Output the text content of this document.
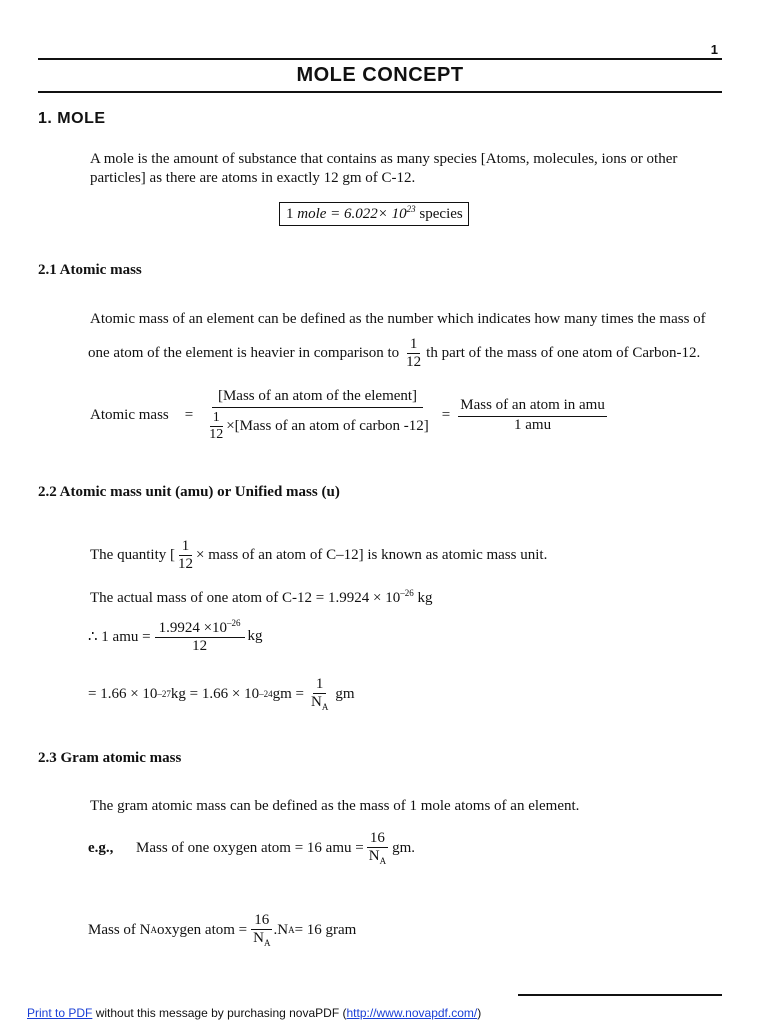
1
MOLE CONCEPT
1. MOLE
A mole is the amount of substance that contains as many species [Atoms, molecules, ions or other
particles] as there are atoms in exactly 12 gm of C-12.
1 mole = $6.022\times 10^{23}$ species
2.1 Atomic mass
Atomic mass of an element can be defined as the number which indicates how many times the mass of
one atom of the element is heavier in comparison to $\frac{1}{12}$ th part of the mass of one atom of Carbon-12.
Atomic mass = $\frac{\text{[Mass of an atom of the element]}}{\frac{1}{12} \times[Mass of an atom of carbon -12]} = \frac{\text{Mass of an atom in amu}}{\text{1 amu}}$
2.2 Atomic mass unit (amu) or Unified mass (u)
The quantity [ $\frac{1}{12}$ × mass of an atom of C–12] is known as atomic mass unit.
The actual mass of one atom of $C-12 = 1.9924 \times 10^{-26}$ kg
∴ 1 amu = $\frac{1.9924 \times 10^{-26}}{12}$ kg
= 1.66 × 10 –27 kg = 1.66 × 10 –24 gm = $\frac{1}{N_A}$ gm
2.3 Gram atomic mass
The gram atomic mass can be defined as the mass of 1 mole atoms of an element.
e.g.,	Mass of one oxygen atom = 16 amu = $\frac{16}{N_A}$ gm.
Mass of N A oxygen atom = $\frac{16}{N_A} .N$ A = 16 gram
Print to PDF without this message by purchasing novaPDF (http://www.novapdf.com/)
